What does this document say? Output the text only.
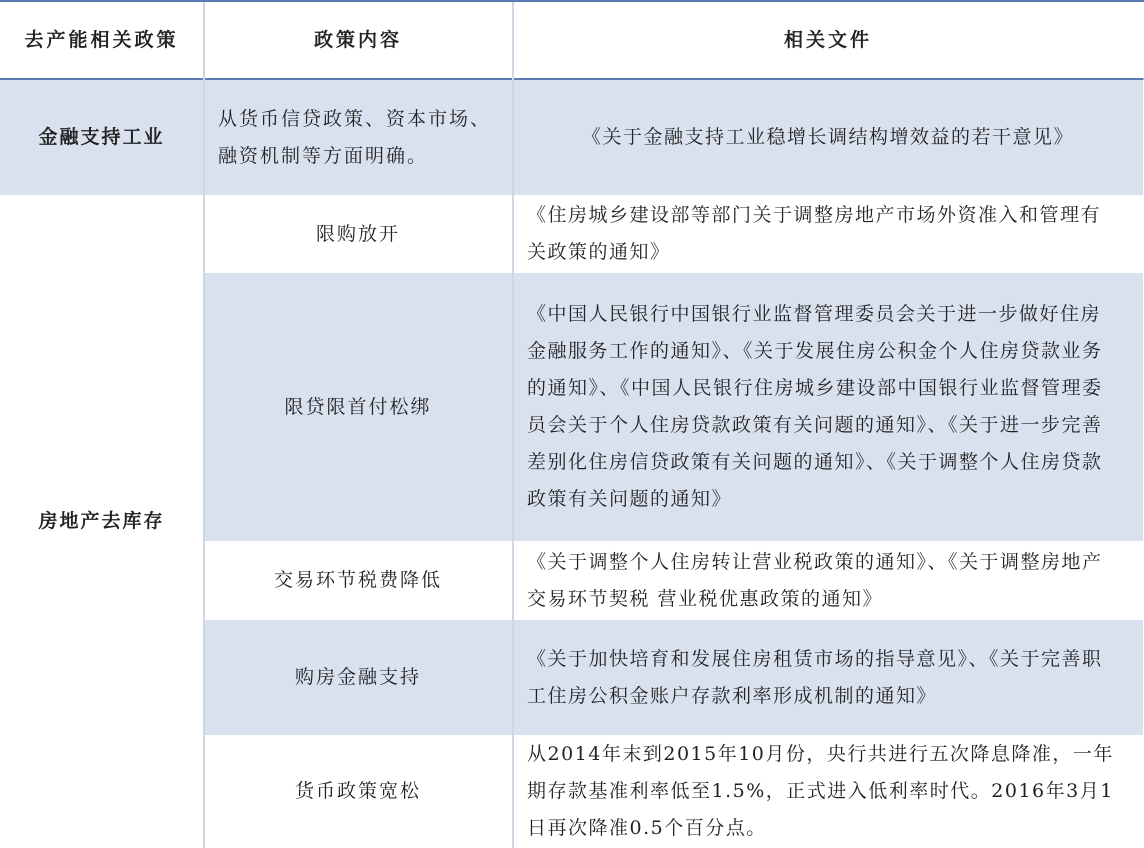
去产能相关政策	政策内容	相关文件
金融支持工业
从货币信贷政策、资本市场、融资机制等方面明确。
《关于金融支持工业稳增长调结构增效益的若干意见》
房地产去库存
限购放开
《住房城乡建设部等部门关于调整房地产市场外资准入和管理有关政策的通知》
限贷限首付松绑
《中国人民银行中国银行业监督管理委员会关于进一步做好住房金融服务工作的通知》、《关于发展住房公积金个人住房贷款业务的通知》、《中国人民银行住房城乡建设部中国银行业监督管理委员会关于个人住房贷款政策有关问题的通知》、《关于进一步完善差别化住房信贷政策有关问题的通知》、《关于调整个人住房贷款政策有关问题的通知》
交易环节税费降低
《关于调整个人住房转让营业税政策的通知》、《关于调整房地产交易环节契税 营业税优惠政策的通知》
购房金融支持
《关于加快培育和发展住房租赁市场的指导意见》、《关于完善职工住房公积金账户存款利率形成机制的通知》
货币政策宽松
从2014年末到2015年10月份，央行共进行五次降息降准，一年期存款基准利率低至1.5%，正式进入低利率时代。2016年3月1日再次降准0.5个百分点。
